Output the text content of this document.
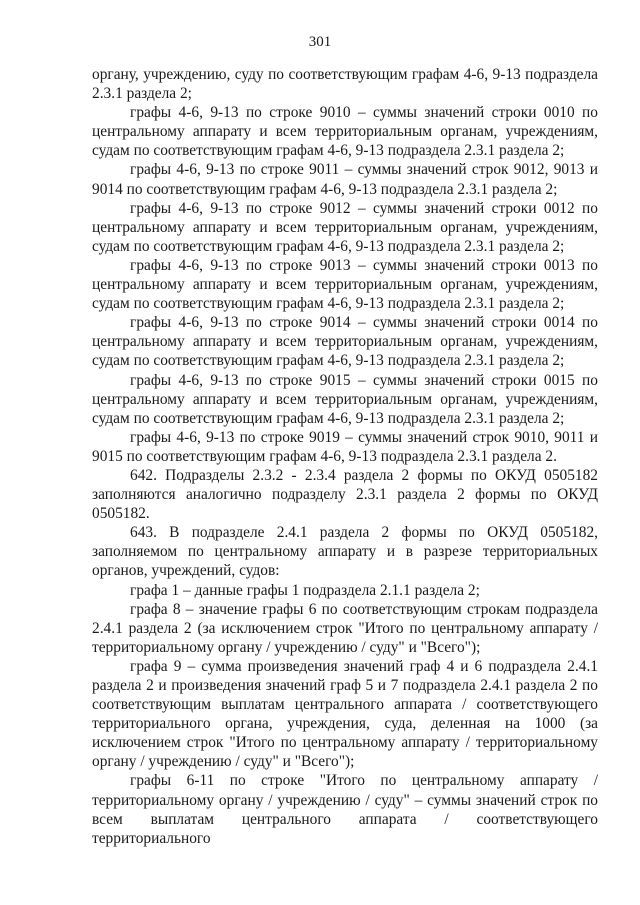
301

органу, учреждению, суду по соответствующим графам 4-6, 9-13 подраздела 2.3.1 раздела 2;

графы 4-6, 9-13 по строке 9010 – суммы значений строки 0010 по центральному аппарату и всем территориальным органам, учреждениям, судам по соответствующим графам 4-6, 9-13 подраздела 2.3.1 раздела 2;

графы 4-6, 9-13 по строке 9011 – суммы значений строк 9012, 9013 и 9014 по соответствующим графам 4-6, 9-13 подраздела 2.3.1 раздела 2;

графы 4-6, 9-13 по строке 9012 – суммы значений строки 0012 по центральному аппарату и всем территориальным органам, учреждениям, судам по соответствующим графам 4-6, 9-13 подраздела 2.3.1 раздела 2;

графы 4-6, 9-13 по строке 9013 – суммы значений строки 0013 по центральному аппарату и всем территориальным органам, учреждениям, судам по соответствующим графам 4-6, 9-13 подраздела 2.3.1 раздела 2;

графы 4-6, 9-13 по строке 9014 – суммы значений строки 0014 по центральному аппарату и всем территориальным органам, учреждениям, судам по соответствующим графам 4-6, 9-13 подраздела 2.3.1 раздела 2;

графы 4-6, 9-13 по строке 9015 – суммы значений строки 0015 по центральному аппарату и всем территориальным органам, учреждениям, судам по соответствующим графам 4-6, 9-13 подраздела 2.3.1 раздела 2;

графы 4-6, 9-13 по строке 9019 – суммы значений строк 9010, 9011 и 9015 по соответствующим графам 4-6, 9-13 подраздела 2.3.1 раздела 2.

642. Подразделы 2.3.2 - 2.3.4 раздела 2 формы по ОКУД 0505182 заполняются аналогично подразделу 2.3.1 раздела 2 формы по ОКУД 0505182.

643. В подразделе 2.4.1 раздела 2 формы по ОКУД 0505182, заполняемом по центральному аппарату и в разрезе территориальных органов, учреждений, судов:

графа 1 – данные графы 1 подраздела 2.1.1 раздела 2;

графа 8 – значение графы 6 по соответствующим строкам подраздела 2.4.1 раздела 2 (за исключением строк "Итого по центральному аппарату / территориальному органу / учреждению / суду" и "Всего");

графа 9 – сумма произведения значений граф 4 и 6 подраздела 2.4.1 раздела 2 и произведения значений граф 5 и 7 подраздела 2.4.1 раздела 2 по соответствующим выплатам центрального аппарата / соответствующего территориального органа, учреждения, суда, деленная на 1000 (за исключением строк "Итого по центральному аппарату / территориальному органу / учреждению / суду" и "Всего");

графы 6-11 по строке "Итого по центральному аппарату / территориальному органу / учреждению / суду" – суммы значений строк по всем выплатам центрального аппарата / соответствующего территориального
